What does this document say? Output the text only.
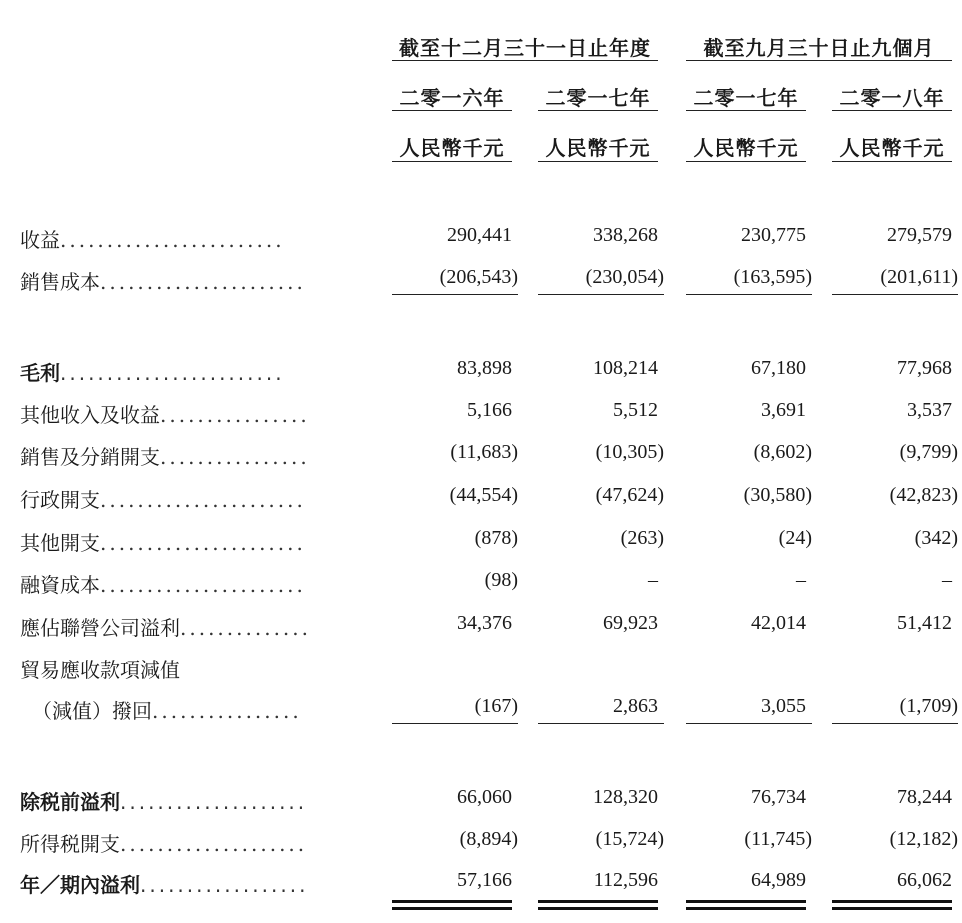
截至十二月三十一日止年度	截至九月三十日止九個月
二零一六年	二零一七年	二零一七年	二零一八年
人民幣千元	人民幣千元	人民幣千元	人民幣千元
收益........................	290,441	338,268	230,775	279,579
銷售成本......................	(206,543)	(230,054)	(163,595)	(201,611)
毛利........................	83,898	108,214	67,180	77,968
其他收入及收益................	5,166	5,512	3,691	3,537
銷售及分銷開支................	(11,683)	(10,305)	(8,602)	(9,799)
行政開支......................	(44,554)	(47,624)	(30,580)	(42,823)
其他開支......................	(878)	(263)	(24)	(342)
融資成本......................	(98)	–	–	–
應佔聯營公司溢利..............	34,376	69,923	42,014	51,412
貿易應收款項減值
（減值）撥回................	(167)	2,863	3,055	(1,709)
除税前溢利....................	66,060	128,320	76,734	78,244
所得税開支....................	(8,894)	(15,724)	(11,745)	(12,182)
年／期內溢利..................	57,166	112,596	64,989	66,062
